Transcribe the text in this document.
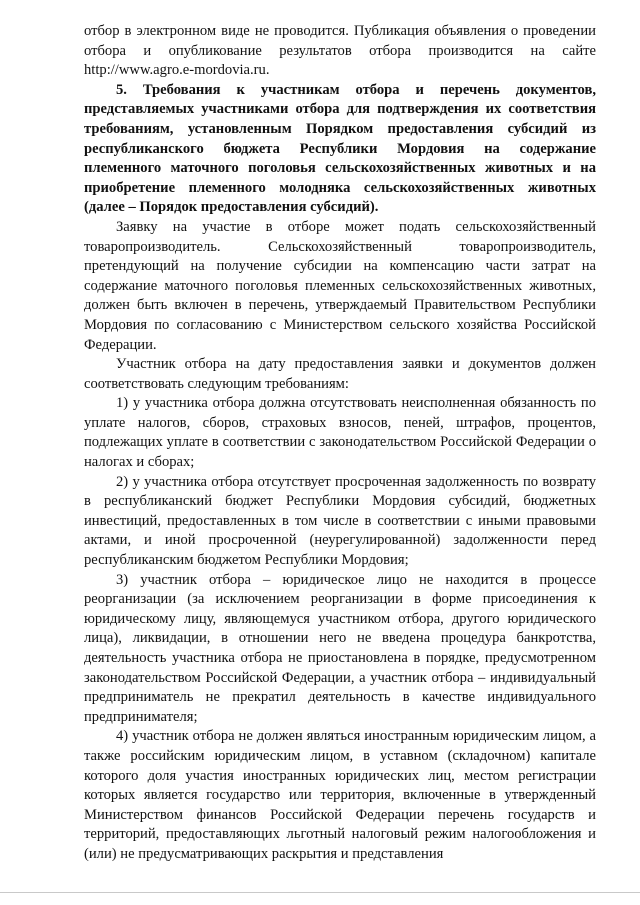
отбор в электронном виде не проводится. Публикация объявления о проведении отбора и опубликование результатов отбора производится на сайте http://www.agro.e-mordovia.ru.

5. Требования к участникам отбора и перечень документов, представляемых участниками отбора для подтверждения их соответствия требованиям, установленным Порядком предоставления субсидий из республиканского бюджета Республики Мордовия на содержание племенного маточного поголовья сельскохозяйственных животных и на приобретение племенного молодняка сельскохозяйственных животных (далее – Порядок предоставления субсидий).

Заявку на участие в отборе может подать сельскохозяйственный товаропроизводитель. Сельскохозяйственный товаропроизводитель, претендующий на получение субсидии на компенсацию части затрат на содержание маточного поголовья племенных сельскохозяйственных животных, должен быть включен в перечень, утверждаемый Правительством Республики Мордовия по согласованию с Министерством сельского хозяйства Российской Федерации.

Участник отбора на дату предоставления заявки и документов должен соответствовать следующим требованиям:

1) у участника отбора должна отсутствовать неисполненная обязанность по уплате налогов, сборов, страховых взносов, пеней, штрафов, процентов, подлежащих уплате в соответствии с законодательством Российской Федерации о налогах и сборах;

2) у участника отбора отсутствует просроченная задолженность по возврату в республиканский бюджет Республики Мордовия субсидий, бюджетных инвестиций, предоставленных в том числе в соответствии с иными правовыми актами, и иной просроченной (неурегулированной) задолженности перед республиканским бюджетом Республики Мордовия;

3) участник отбора – юридическое лицо не находится в процессе реорганизации (за исключением реорганизации в форме присоединения к юридическому лицу, являющемуся участником отбора, другого юридического лица), ликвидации, в отношении него не введена процедура банкротства, деятельность участника отбора не приостановлена в порядке, предусмотренном законодательством Российской Федерации, а участник отбора – индивидуальный предприниматель не прекратил деятельность в качестве индивидуального предпринимателя;

4) участник отбора не должен являться иностранным юридическим лицом, а также российским юридическим лицом, в уставном (складочном) капитале которого доля участия иностранных юридических лиц, местом регистрации которых является государство или территория, включенные в утвержденный Министерством финансов Российской Федерации перечень государств и территорий, предоставляющих льготный налоговый режим налогообложения и (или) не предусматривающих раскрытия и представления
